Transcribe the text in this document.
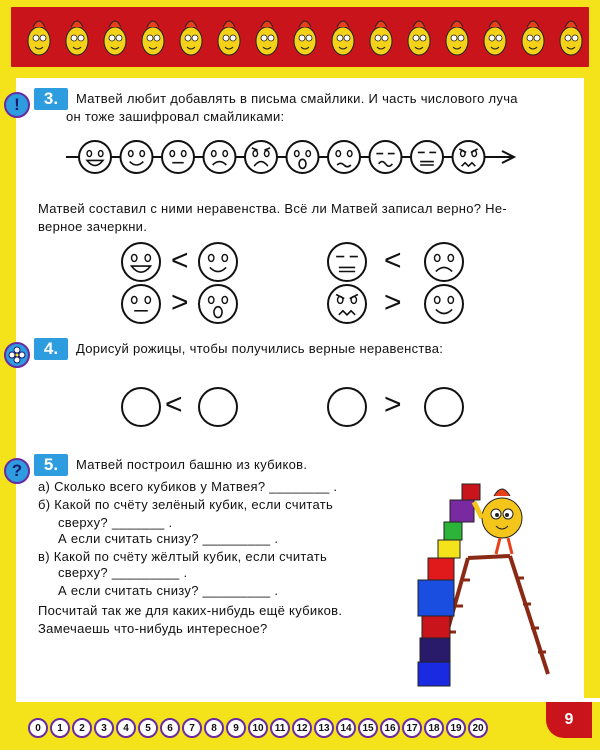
!
?
3.	Матвей любит добавлять в письма смайлики. И часть числового луча
он тоже зашифровал смайликами:
Матвей составил с ними неравенства. Всё ли Матвей записал верно? Не-
верное зачеркни.
<
>
<
>
4.	Дорисуй рожицы, чтобы получились верные неравенства:
<	>
5.	Матвей построил башню из кубиков.
а) Сколько всего кубиков у Матвея? ________ .
б) Какой по счёту зелёный кубик, если считать
сверху? _______ .
А если считать снизу? _________ .
в) Какой по счёту жёлтый кубик, если считать
сверху? _________ .
А если считать снизу? _________ .
Посчитай так же для каких-нибудь ещё кубиков.
Замечаешь что-нибудь интересное?
0	1	2	3	4	5	6	7	8	9	10	11	12	13	14	15	16	17	18	19	20	9
